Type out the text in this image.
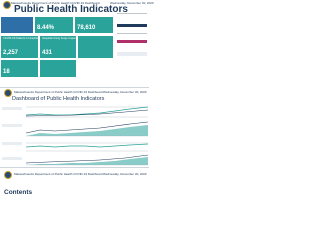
Massachusetts Department of Public Health COVID-19 Dashboard	Wednesday, December 30, 2020
Public Health Indicators
8.44%	78,610
COVID-19 Patients in Hospital
2,257
Hospitals Using Surge Capacity
431
18
Massachusetts Department of Public Health COVID-19 Dashboard Wednesday, December 30, 2020
Dashboard of Public Health Indicators
Massachusetts Department of Public Health COVID-19 Dashboard Wednesday, December 30, 2020
Contents
